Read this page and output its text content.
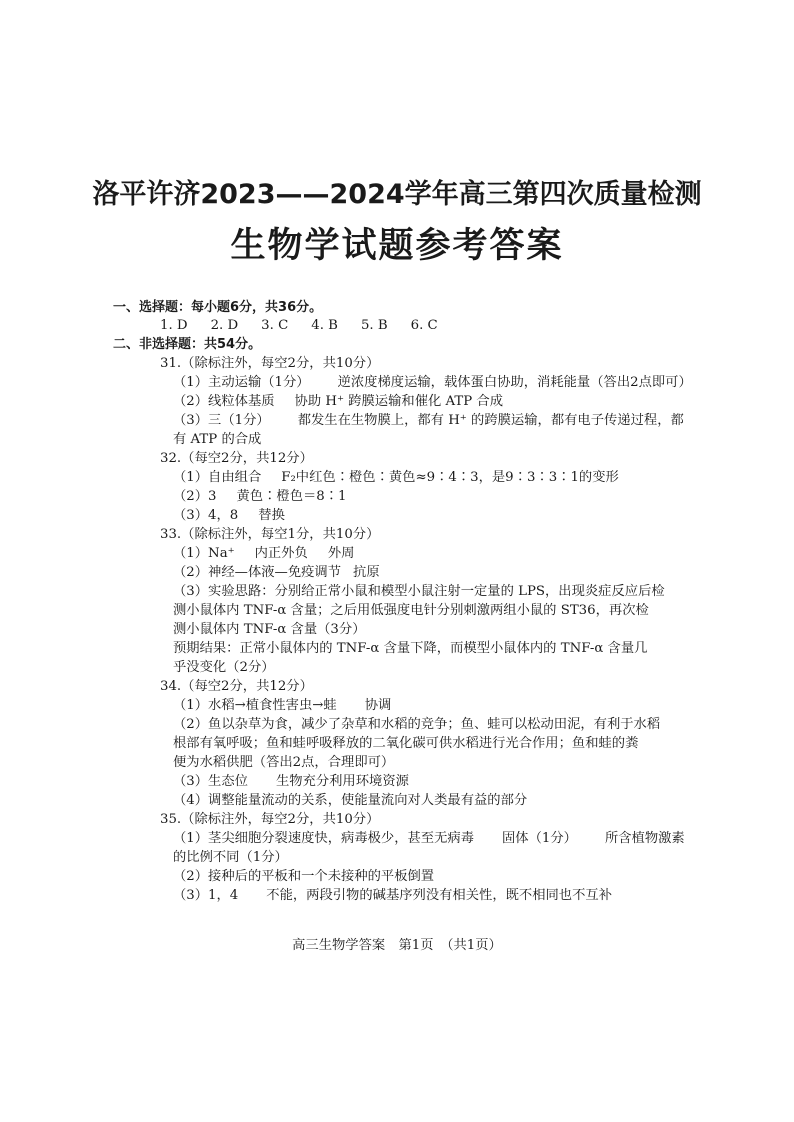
洛平许济2023——2024学年高三第四次质量检测
生物学试题参考答案
一、选择题：每小题6分，共36分。
1. D 2. D 3. C 4. B 5. B 6. C
二、非选择题：共54分。
31.（除标注外，每空2分，共10分）
（1）主动运输（1分） 逆浓度梯度运输，载体蛋白协助，消耗能量（答出2点即可）
（2）线粒体基质 协助 H⁺ 跨膜运输和催化 ATP 合成
（3）三（1分） 都发生在生物膜上，都有 H⁺ 的跨膜运输，都有电子传递过程，都
有 ATP 的合成
32.（每空2分，共12分）
（1）自由组合 F₂中红色∶橙色∶黄色≈9∶4∶3，是9∶3∶3∶1的变形
（2）3 黄色∶橙色＝8∶1
（3）4，8 替换
33.（除标注外，每空1分，共10分）
（1）Na⁺ 内正外负 外周
（2）神经—体液—免疫调节 抗原
（3）实验思路：分别给正常小鼠和模型小鼠注射一定量的 LPS，出现炎症反应后检
测小鼠体内 TNF-α 含量；之后用低强度电针分别刺激两组小鼠的 ST36，再次检
测小鼠体内 TNF-α 含量（3分）
预期结果：正常小鼠体内的 TNF-α 含量下降，而模型小鼠体内的 TNF-α 含量几
乎没变化（2分）
34.（每空2分，共12分）
（1）水稻→植食性害虫→蛙 协调
（2）鱼以杂草为食，减少了杂草和水稻的竞争；鱼、蛙可以松动田泥，有利于水稻
根部有氧呼吸；鱼和蛙呼吸释放的二氧化碳可供水稻进行光合作用；鱼和蛙的粪
便为水稻供肥（答出2点，合理即可）
（3）生态位 生物充分利用环境资源
（4）调整能量流动的关系，使能量流向对人类最有益的部分
35.（除标注外，每空2分，共10分）
（1）茎尖细胞分裂速度快，病毒极少，甚至无病毒 固体（1分） 所含植物激素
的比例不同（1分）
（2）接种后的平板和一个未接种的平板倒置
（3）1，4 不能，两段引物的碱基序列没有相关性，既不相同也不互补
高三生物学答案　第1页　（共1页）
